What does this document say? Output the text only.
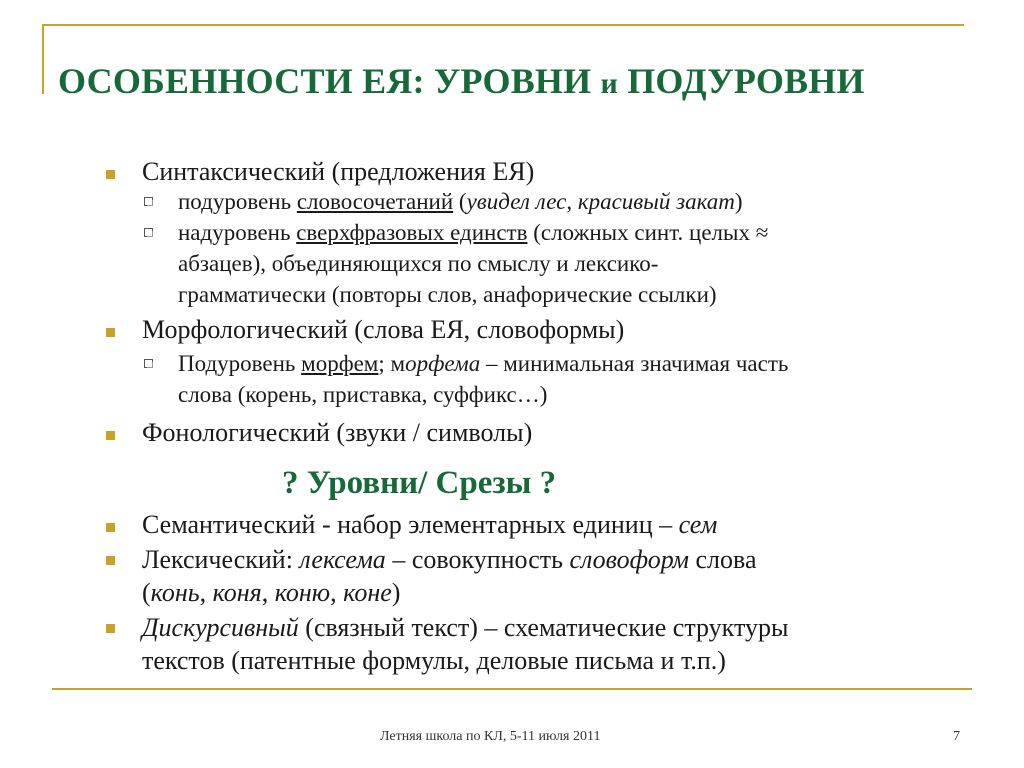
ОСОБЕННОСТИ ЕЯ: УРОВНИ и ПОДУРОВНИ
Синтаксический (предложения ЕЯ)
подуровень словосочетаний (увидел лес, красивый закат)
надуровень сверхфразовых единств (сложных синт. целых ≈
абзацев), объединяющихся по смыслу и лексико-
грамматически (повторы слов, анафорические ссылки)
Морфологический (слова ЕЯ, словоформы)
Подуровень морфем; морфема – минимальная значимая часть
слова (корень, приставка, суффикс…)
Фонологический (звуки / символы)
? Уровни/ Срезы ?
Семантический - набор элементарных единиц – сем
Лексический: лексема – совокупность словоформ слова
(конь, коня, коню, коне)
Дискурсивный (связный текст) – схематические структуры
текстов (патентные формулы, деловые письма и т.п.)
Летняя школа по КЛ, 5-11 июля 2011	7
